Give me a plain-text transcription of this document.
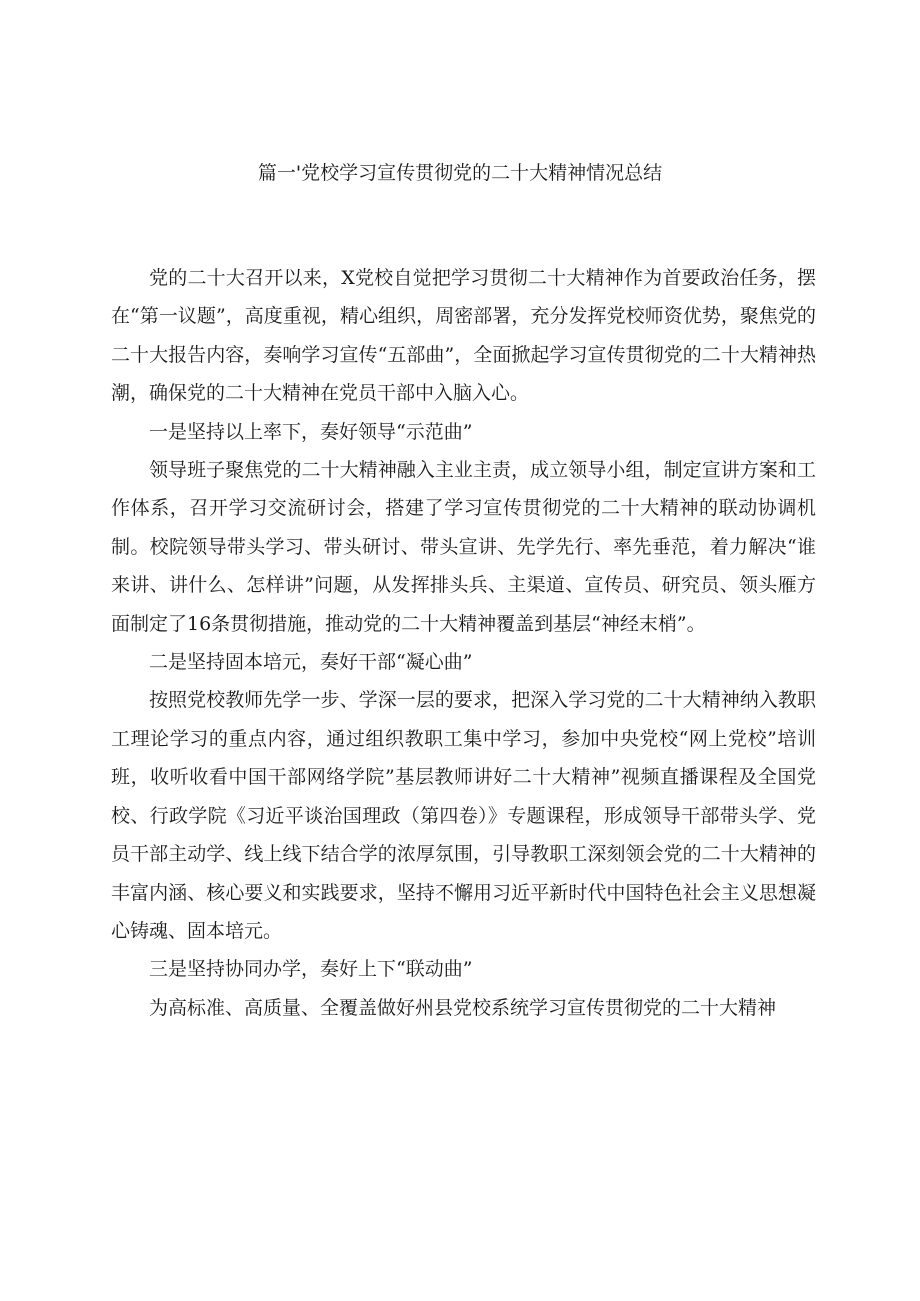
篇一'党校学习宣传贯彻党的二十大精神情况总结

党的二十大召开以来，X党校自觉把学习贯彻二十大精神作为首要政治任务，摆在“第一议题”，高度重视，精心组织，周密部署，充分发挥党校师资优势，聚焦党的二十大报告内容，奏响学习宣传“五部曲”，全面掀起学习宣传贯彻党的二十大精神热潮，确保党的二十大精神在党员干部中入脑入心。

一是坚持以上率下，奏好领导“示范曲”

领导班子聚焦党的二十大精神融入主业主责，成立领导小组，制定宣讲方案和工作体系，召开学习交流研讨会，搭建了学习宣传贯彻党的二十大精神的联动协调机制。校院领导带头学习、带头研讨、带头宣讲、先学先行、率先垂范，着力解决“谁来讲、讲什么、怎样讲”问题，从发挥排头兵、主渠道、宣传员、研究员、领头雁方面制定了16条贯彻措施，推动党的二十大精神覆盖到基层“神经末梢”。

二是坚持固本培元，奏好干部“凝心曲”

按照党校教师先学一步、学深一层的要求，把深入学习党的二十大精神纳入教职工理论学习的重点内容，通过组织教职工集中学习，参加中央党校“网上党校”培训班，收听收看中国干部网络学院”基层教师讲好二十大精神”视频直播课程及全国党校、行政学院《习近平谈治国理政（第四卷）》专题课程，形成领导干部带头学、党员干部主动学、线上线下结合学的浓厚氛围，引导教职工深刻领会党的二十大精神的丰富内涵、核心要义和实践要求，坚持不懈用习近平新时代中国特色社会主义思想凝心铸魂、固本培元。

三是坚持协同办学，奏好上下“联动曲”

为高标准、高质量、全覆盖做好州县党校系统学习宣传贯彻党的二十大精神
